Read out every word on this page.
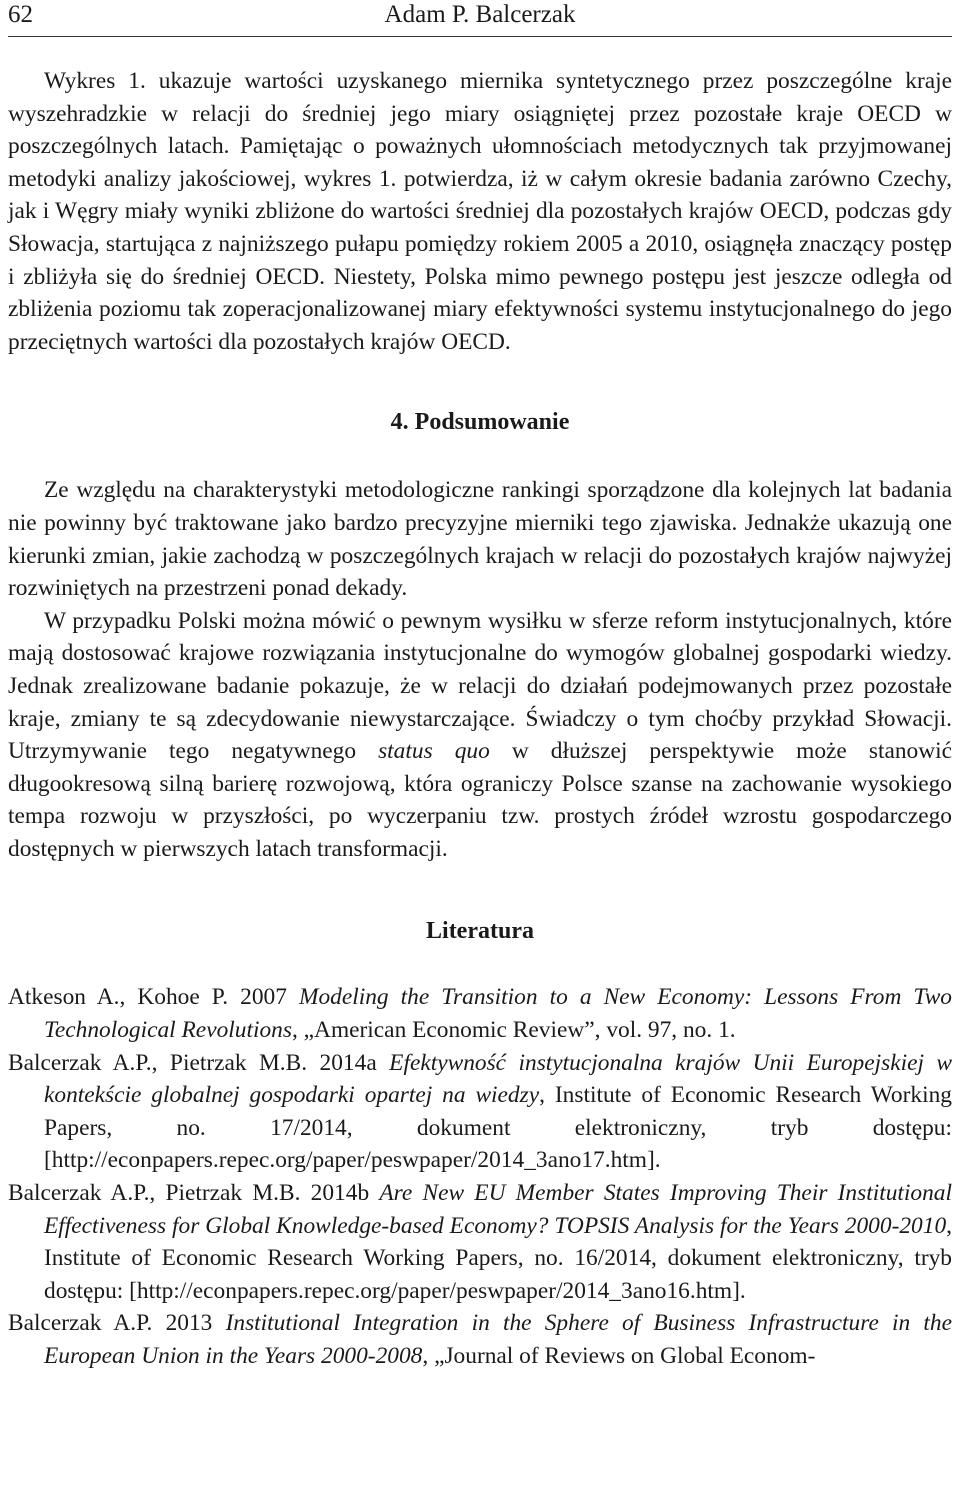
62	Adam P. Balcerzak

Wykres 1. ukazuje wartości uzyskanego miernika syntetycznego przez poszczególne kraje wyszehradzkie w relacji do średniej jego miary osiągniętej przez pozostałe kraje OECD w poszczególnych latach. Pamiętając o poważnych ułomnościach metodycznych tak przyjmowanej metodyki analizy jakościowej, wykres 1. potwierdza, iż w całym okresie badania zarówno Czechy, jak i Węgry miały wyniki zbliżone do wartości średniej dla pozostałych krajów OECD, podczas gdy Słowacja, startująca z najniższego pułapu pomiędzy rokiem 2005 a 2010, osiągnęła znaczący postęp i zbliżyła się do średniej OECD. Niestety, Polska mimo pewnego postępu jest jeszcze odległa od zbliżenia poziomu tak zoperacjonalizowanej miary efektywności systemu instytucjonalnego do jego przeciętnych wartości dla pozostałych krajów OECD.

4. Podsumowanie

Ze względu na charakterystyki metodologiczne rankingi sporządzone dla kolejnych lat badania nie powinny być traktowane jako bardzo precyzyjne mierniki tego zjawiska. Jednakże ukazują one kierunki zmian, jakie zachodzą w poszczególnych krajach w relacji do pozostałych krajów najwyżej rozwiniętych na przestrzeni ponad dekady.

W przypadku Polski można mówić o pewnym wysiłku w sferze reform instytucjonalnych, które mają dostosować krajowe rozwiązania instytucjonalne do wymogów globalnej gospodarki wiedzy. Jednak zrealizowane badanie pokazuje, że w relacji do działań podejmowanych przez pozostałe kraje, zmiany te są zdecydowanie niewystarczające. Świadczy o tym choćby przykład Słowacji. Utrzymywanie tego negatywnego status quo w dłuższej perspektywie może stanowić długookresową silną barierę rozwojową, która ograniczy Polsce szanse na zachowanie wysokiego tempa rozwoju w przyszłości, po wyczerpaniu tzw. prostych źródeł wzrostu gospodarczego dostępnych w pierwszych latach transformacji.

Literatura

Atkeson A., Kohoe P. 2007 Modeling the Transition to a New Economy: Lessons From Two Technological Revolutions, „American Economic Review”, vol. 97, no. 1.

Balcerzak A.P., Pietrzak M.B. 2014a Efektywność instytucjonalna krajów Unii Europejskiej w kontekście globalnej gospodarki opartej na wiedzy, Institute of Economic Research Working Papers, no. 17/2014, dokument elektroniczny, tryb dostępu: [http://econpapers.repec.org/paper/peswpaper/2014_3ano17.htm].

Balcerzak A.P., Pietrzak M.B. 2014b Are New EU Member States Improving Their Institutional Effectiveness for Global Knowledge-based Economy? TOPSIS Analysis for the Years 2000-2010, Institute of Economic Research Working Papers, no. 16/2014, dokument elektroniczny, tryb dostępu: [http://econpapers.repec.org/paper/peswpaper/2014_3ano16.htm].

Balcerzak A.P. 2013 Institutional Integration in the Sphere of Business Infrastructure in the European Union in the Years 2000-2008, „Journal of Reviews on Global Econom-
